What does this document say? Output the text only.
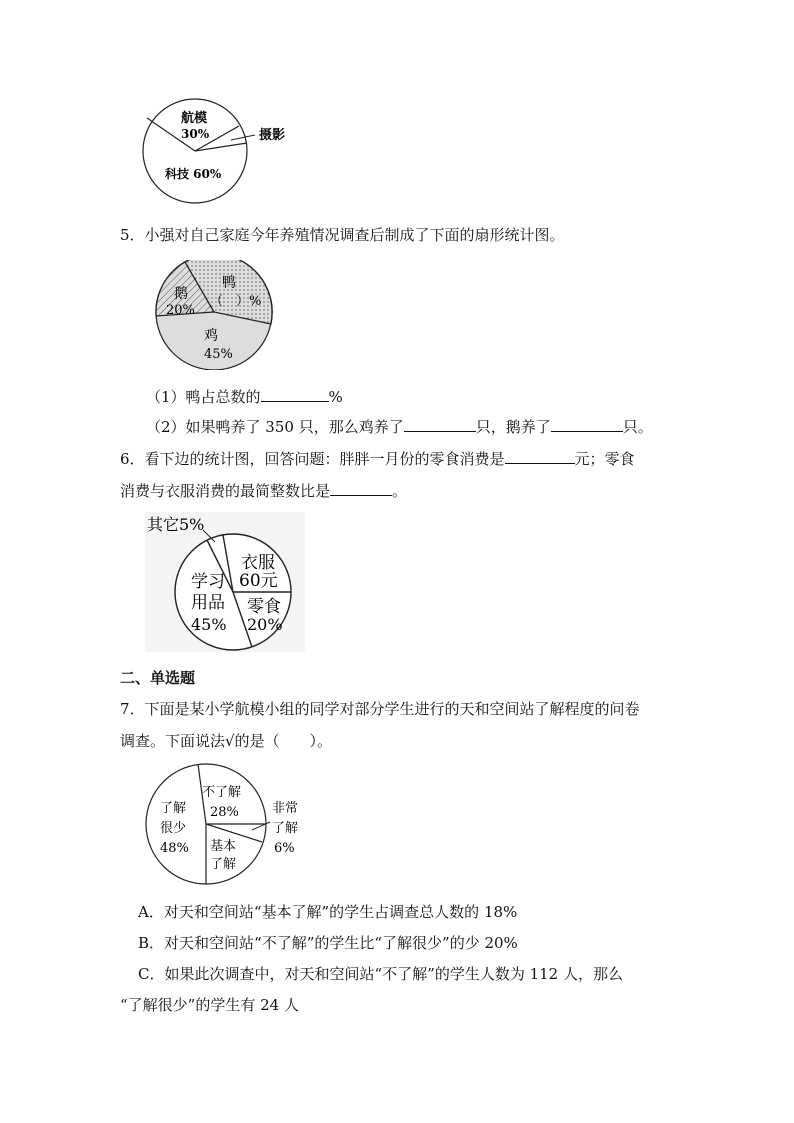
航模
30%	摄影
科技 60%
5．小强对自己家庭今年养殖情况调查后制成了下面的扇形统计图。
鸭
（　）%
鹅
20%
鸡
45%
（1）鸭占总数的	%
（2）如果鸭养了 350 只，那么鸡养了	只，鹅养了	只。
6．看下边的统计图，回答问题：胖胖一月份的零食消费是	元；零食
消费与衣服消费的最简整数比是	。
其它5%
衣服
60元
学习
用品
45%
零食
20%
二、单选题
7．下面是某小学航模小组的同学对部分学生进行的天和空间站了解程度的问卷
调查。下面说法√的是（　　）。
了解
很少
48%
不了解
28%	非常
了解
6%
基本
了解
A．对天和空间站“基本了解”的学生占调查总人数的 18%
B．对天和空间站“不了解”的学生比“了解很少”的少 20%
C．如果此次调查中，对天和空间站“不了解”的学生人数为 112 人，那么
“了解很少”的学生有 24 人
